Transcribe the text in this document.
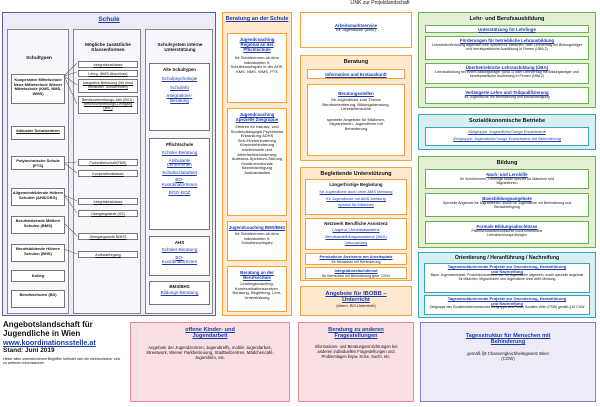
LINK zur Projektlandschaft
Schule
Schultypen
Kooperative Mittelschule Neue Mittelschule Wiener Mittelschule (KMS, NMS, WMS)
Inklusive Schulzentren
Polytechnische Schule (PTS)
Allgemeinbildende Höhere Schulen (AHS/ORG)
Berufsbildende Mittlere Schulen (BMS)
Berufsbildende Höhere Schulen (BHS)
Kolleg
Berufsschulen (BS)
Mögliche zusätzliche Klassenformen
Integrationsklasse
Lehrg. (NMS-Abschluss)
Integrative Betreuung (biz ernst benachtei. Schülerinnen)
Berufsvorbereitungs-Jahr (BVJ) / Berufsvorbereitungs-Lehrgang (BVL)
Fachmittelschule(FMS)
Kooperationsklasse
Integrationsklasse
Übergangsstufe (ÜS)
Übergangsstufe BMHS
Aufbaulehrgang
Schulsystem interne Unterstützung
Alle Schultypen
Schulpsychologie
Schulinfo
Integrations-Beratung
Pflichtschule
Schüler-Beratung
Ambulante LehrerInnen
Schulsozialarbeit
BO-KoordinatorInnen
BOZ/-BOZ
AHS
Schüler-Beratung
BO-KoordinatorInnen
BMS/BHS
Bildungs-Beratung
Beratung an der Schule
Jugendcoaching Regional an der Pflichtschule
für SchülerInnen ab dem individuellen 9. Schulbesuchsjahr in der AHS, KMS, NMS, WMS, PTS
Jugendcoaching Spezielle Zielgruppe
Zentren für Inklusiv- und Sonderpädagogik Psychische Erkrankung ADHS Seh-/Hörbehinderung Körperbehinderung Intellektuelle und Mehrfachbehinderung Autismus-Spektrum-Störung Sozial-emotionale Beeinträchtigung Justizanstalten
Jugendcoaching BMS/BHS
für SchülerInnen ab dem individuellen 9. Schulbesuchsjahr
Beratung an der Berufsschule
Lehrlingscoaching, Kommunikationszentren, Beratung, Begleitung, Lern-Unterstützung
Arbeitsmarktservice
für Jugendliche (AMS)
Beratung
Information und Erstauskunft
Beratungsstellen
für Jugendliche zum Thema Berufsorientierung, Bildungsberatung, Lehrstellensuche
spezielle Angebote für Mädchen, MigrantInnen, Jugendliche mit Behinderung
Begleitende Unterstützung
Längerfristige Begleitung
für Jugendliche auch ohne AMS Meldung
für Jugendliche mit AMS Meldung
spezial für Mädchen
Netzwerk Berufliche Assistenz
(Jugend-) Arbeitsassistenz
Berufsausbildungsassistenz (BAS)
Jobcoaching
Persönliche Assistenz am Arbeitsplatz
für Menschen mit Behinderung
Integrationsfachdienst
für Menschen mit Behinderung gem. CGW
Angebote für IBOBB – Unterricht
(ehem. BO-Unterricht)
Lehr- und Berufsausbildung
Unterstützung für Lehrlinge
Förderungen für betriebliche Lehrausbildung
Lehrstellenförderung allgemein bzw. speziell für Mädchen, oder Lehrvertrag mit Bildungsträger und berufspraktische Ausbildung in Firmen (ÜBA 2)
Überbetriebliche Lehrausbildung (ÜBA)
Lehrausbildung bei einem Bildungsträger (ÜBA 1) oder Lehrvertrag mit Bildungsträger und berufspraktische Ausbildung in Firmen (ÜBA 2)
Verlängerte Lehre und Teilqualifizierung
für Jugendliche mit Behinderung und Benachteiligung
Sozialökonomische Betriebe
Zielgruppe: Jugendliche/Junge Erwachsene
Zielgruppe: Jugendliche/Junge Erwachsene mit Behinderung
Bildung
Nach- und Lernhilfe
für SchülerInnen, Lehrlinge sowie speziell für Mädchen und MigrantInnen
Basisbildungsangebote
Spezielle Angebote für Migrantinnen, sowie für Jugendliche mit Behinderung und Benachteiligung
Formale Bildungsabschlüsse
Pflichtschulabschlusskurse Außerordentliche Lehrabschlussprüfungen
Orientierung / Heranführung / Nachreifung
Tagesstrukturierende Projekte zur Orientierung, Heranführung und Nachreifung
Bspw. Jugendwerkstatt, Produktionsschulen, etc. für Jugendliche allgemein, sowie spezielle Angebote für Mädchen, MigrantInnen und Jugendliche ohne AMS Meldung
Tagesstrukturierende Projekte zur Orientierung, Heranführung und Nachreifung
Zielgruppe des Sozialministeriumservice Zielgruppe des Fonds Soziales Wien (FSW) gemäß §10 CGW
Angebotslandschaft für Jugendliche in Wien
www.koordinationsstelle.at
Stand: Juni 2019
Hinter allen unterstrichenen Begriffen befindet sich ein elektronischer Link zu weiteren Informationen
offene Kinder- und Jugendarbeit
Angebote der Jugendzentren, Jugendtreffs, mobile Jugendarbeit, Streetwork, Wiener Parkbetreuung, Stadtteilzentren, Mädchencafé, Jugendinfo, etc.
Beratung zu anderen Fragestellungen
Informations- und Beratungseinrichtungen bei anderen individuellen Fragestellungen und Problemlagen bspw. Krise, Sucht, etc.
Tagesstruktur für Menschen mit Behinderung
gemäß §9 Chancengleichheitsgesetz Wien (CGW)
